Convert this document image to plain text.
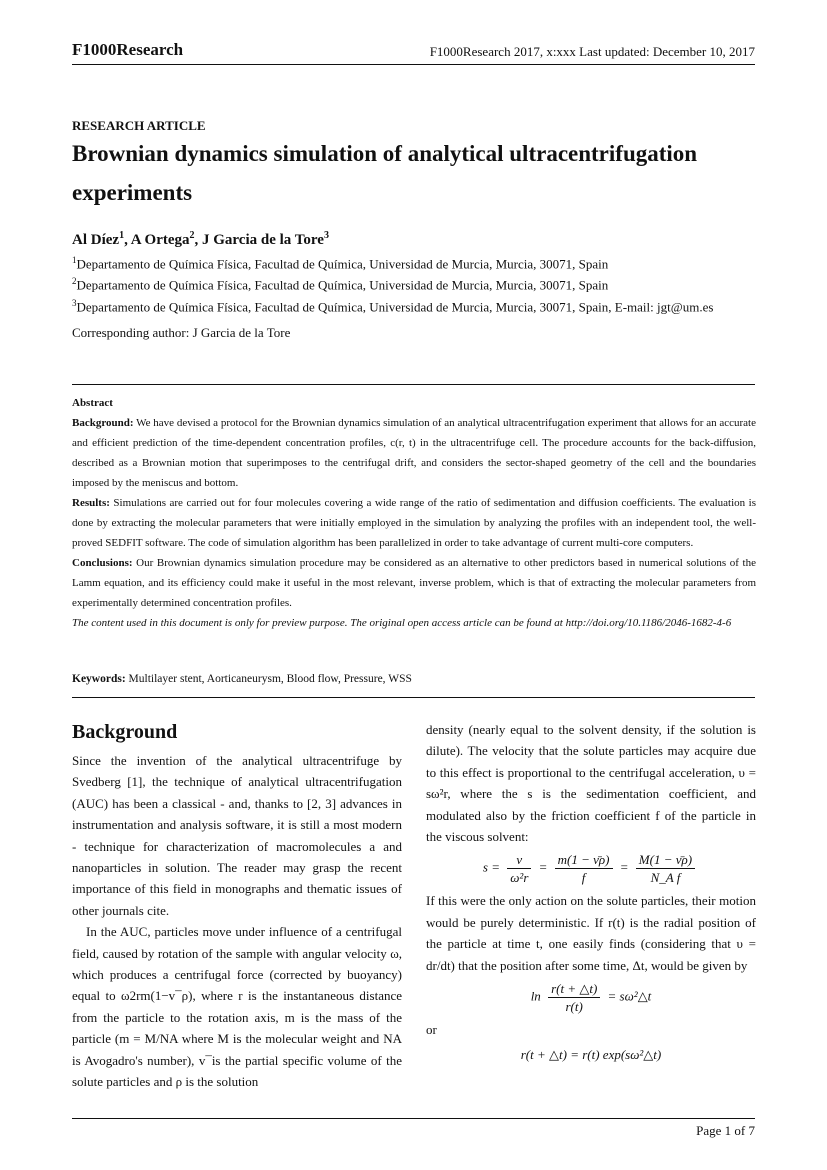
F1000Research	F1000Research 2017, x:xxx Last updated: December 10, 2017
RESEARCH ARTICLE
Brownian dynamics simulation of analytical ultracentrifugation experiments
Al Díez$^1$, A Ortega$^2$, J Garcia de la Tore$^3$
$^1$Departamento de Química Física, Facultad de Química, Universidad de Murcia, Murcia, 30071, Spain
$^2$Departamento de Química Física, Facultad de Química, Universidad de Murcia, Murcia, 30071, Spain
$^3$Departamento de Química Física, Facultad de Química, Universidad de Murcia, Murcia, 30071, Spain, E-mail: jgt@um.es
Corresponding author: J Garcia de la Tore

Abstract

Background: We have devised a protocol for the Brownian dynamics simulation of an analytical ultracentrifugation experiment that allows for an accurate and efficient prediction of the time-dependent concentration profiles, c(r, t) in the ultracentrifuge cell. The procedure accounts for the back-diffusion, described as a Brownian motion that superimposes to the centrifugal drift, and considers the sector-shaped geometry of the cell and the boundaries imposed by the meniscus and bottom.

Results: Simulations are carried out for four molecules covering a wide range of the ratio of sedimentation and diffusion coefficients. The evaluation is done by extracting the molecular parameters that were initially employed in the simulation by analyzing the profiles with an independent tool, the well-proved SEDFIT software. The code of simulation algorithm has been parallelized in order to take advantage of current multi-core computers.

Conclusions: Our Brownian dynamics simulation procedure may be considered as an alternative to other predictors based in numerical solutions of the Lamm equation, and its efficiency could make it useful in the most relevant, inverse problem, which is that of extracting the molecular parameters from experimentally determined concentration profiles.

The content used in this document is only for preview purpose. The original open access article can be found at http://doi.org/10.1186/2046-1682-4-6

Keywords: Multilayer stent, Aorticaneurysm, Blood flow, Pressure, WSS
Background

Since the invention of the analytical ultracentrifuge by Svedberg [1], the technique of analytical ultracentrifugation (AUC) has been a classical - and, thanks to [2, 3] advances in instrumentation and analysis software, it is still a most modern - technique for characterization of macromolecules a and nanoparticles in solution. The reader may grasp the recent importance of this field in monographs and thematic issues of other journals cite.

In the AUC, particles move under influence of a centrifugal field, caused by rotation of the sample with angular velocity ω, which produces a centrifugal force (corrected by buoyancy) equal to ω2rm(1−v¯ρ), where r is the instantaneous distance from the particle to the rotation axis, m is the mass of the particle (m = M/NA where M is the molecular weight and NA is Avogadro's number), v¯is the partial specific volume of the solute particles and ρ is the solution

density (nearly equal to the solvent density, if the solution is dilute). The velocity that the solute particles may acquire due to this effect is proportional to the centrifugal acceleration, υ = sω²r, where the s is the sedimentation coefficient, and modulated also by the friction coefficient f of the particle in the viscous solvent:

$s = \frac{\nu}{\text{ω²r}} = \frac{m(1 - \nū\rho)}{f} = \frac{M(1 - \nū\rho)}{\text{N\_A f}}$

If this were the only action on the solute particles, their motion would be purely deterministic. If r(t) is the radial position of the particle at time t, one easily finds (considering that υ = dr/dt) that the position after some time, Δt, would be given by

$\ln \frac{r(t + \triangle t)}{r(t)}$ = sω²△t

or

r(t + △t) = r(t) exp(sω²△t)
Page 1 of 7
